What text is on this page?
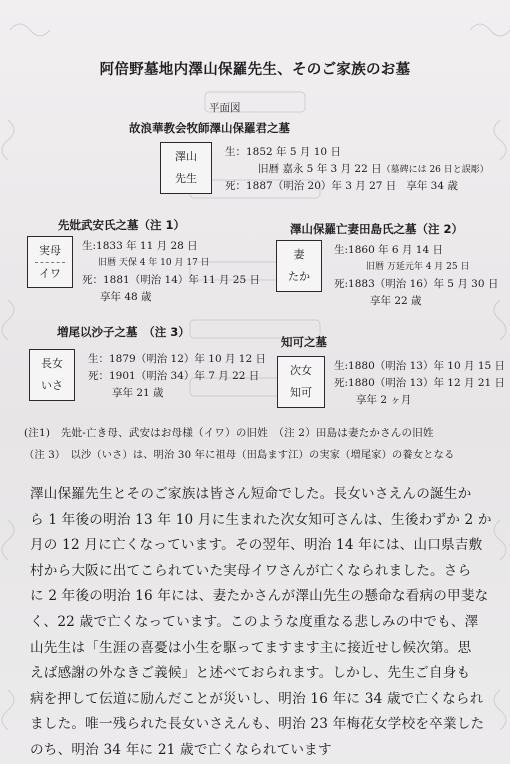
阿倍野墓地内澤山保羅先生、そのご家族のお墓
平面図
故浪華教会牧師澤山保羅君之墓
澤山
先生
生：1852 年 5 月 10 日
旧暦 嘉永 5 年 3 月 22 日（墓碑には 26 日と誤彫）
死：1887（明治 20）年 3 月 27 日 享年 34 歳
先妣武安氏之墓（注 1）
実母
イワ
生:1833 年 11 月 28 日
旧暦 天保 4 年 10 月 17 日
死：1881（明治 14）年 11 月 25 日
享年 48 歳
澤山保羅亡妻田島氏之墓（注 2）
妻
たか
生:1860 年 6 月 14 日
旧暦 万延元年 4 月 25 日
死:1883（明治 16）年 5 月 30 日
享年 22 歳
増尾以沙子之墓　（注 3）
長女
いさ
生：1879（明治 12）年 10 月 12 日
死：1901（明治 34）年 7 月 22 日
享年 21 歳
知可之墓
次女
知可
生:1880（明治 13）年 10 月 15 日
死:1880（明治 13）年 12 月 21 日
享年 2 ヶ月
(注1)　先妣-亡き母、武安はお母様（イワ）の旧姓　（注 2）田島は妻たかさんの旧姓
（注 3）　以沙（いさ）は、明治 30 年に祖母（田島ます江）の実家（増尾家）の養女となる
澤山保羅先生とそのご家族は皆さん短命でした。長女いさえんの誕生か
ら 1 年後の明治 13 年 10 月に生まれた次女知可さんは、生後わずか 2 か
月の 12 月に亡くなっています。その翌年、明治 14 年には、山口県吉敷
村から大阪に出てこられていた実母イワさんが亡くなられました。さら
に 2 年後の明治 16 年には、妻たかさんが澤山先生の懸命な看病の甲斐な
く、22 歳で亡くなっています。このような度重なる悲しみの中でも、澤
山先生は「生涯の喜憂は小生を駆ってますます主に接近せし候次第。思
えば感謝の外なきご義候」と述べておられます。しかし、先生ご自身も
病を押して伝道に励んだことが災いし、明治 16 年に 34 歳で亡くなられ
ました。唯一残られた長女いさえんも、明治 23 年梅花女学校を卒業した
のち、明治 34 年に 21 歳で亡くなられています
